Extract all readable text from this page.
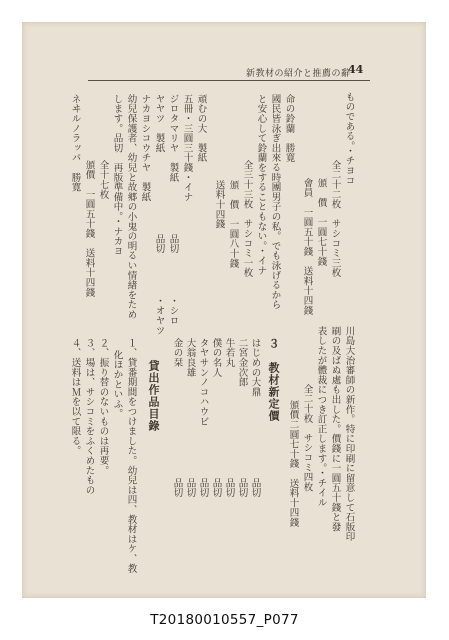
新教材の紹介と推薦の辭
44
ものである。・チヨコ
全二十二枚　サシコミ三枚
頒　價　一圓七十錢
會員　一圓五十錢　送料十四錢
命の鈴蘭　勝寛
國民皆泳ぎ出來る時團男子の私。でも泳げるから
と安心して鈴蘭をすることもない。・イナ
全三十三枚　サシコミ一枚
頒　價　一圓八十錢
送料十四錢
頑むの大　製紙
五冊・三圓三十錢・イナ
ジロタマリヤ　製紙
ヤヤツ　製紙
ナカヨシコウチヤ　製紙
幼兒保護者、幼兒と故郷の小鬼の明るい情緖をため
します。品切　再版準備中。・ナカヨ
全十七枚
頒價　一圓五十錢　送料十四錢
ネヰルノラッパ　勝寛
品切
品切
・シロ
・オヤツ
川島大治審師の新作。特に印刷に留意して石版印
刷の及ばぬ處も出した。價錢に一圓五十錢と發
表したが體裁につき訂正します。・チイル
全二十枚　サシコミ四枚
頒價二圓七十錢　送料十四錢
３　教材新定價
はじめの大鼎
二宮金次郎
牛若丸
僕の名人
タヤサンノコハウビ
大翁良雄
金の栞
品切
品切
品切
品切
品切
品切
品切
貸出作品目錄
１、貸番期間をつけました。幼兒は四、教材はケ、教
化ほかといふ。
２、振り替のないものは再要。
３、場は、サシコミをふくめたもの
４、送料はＭを以て限る。
T20180010557_P077
